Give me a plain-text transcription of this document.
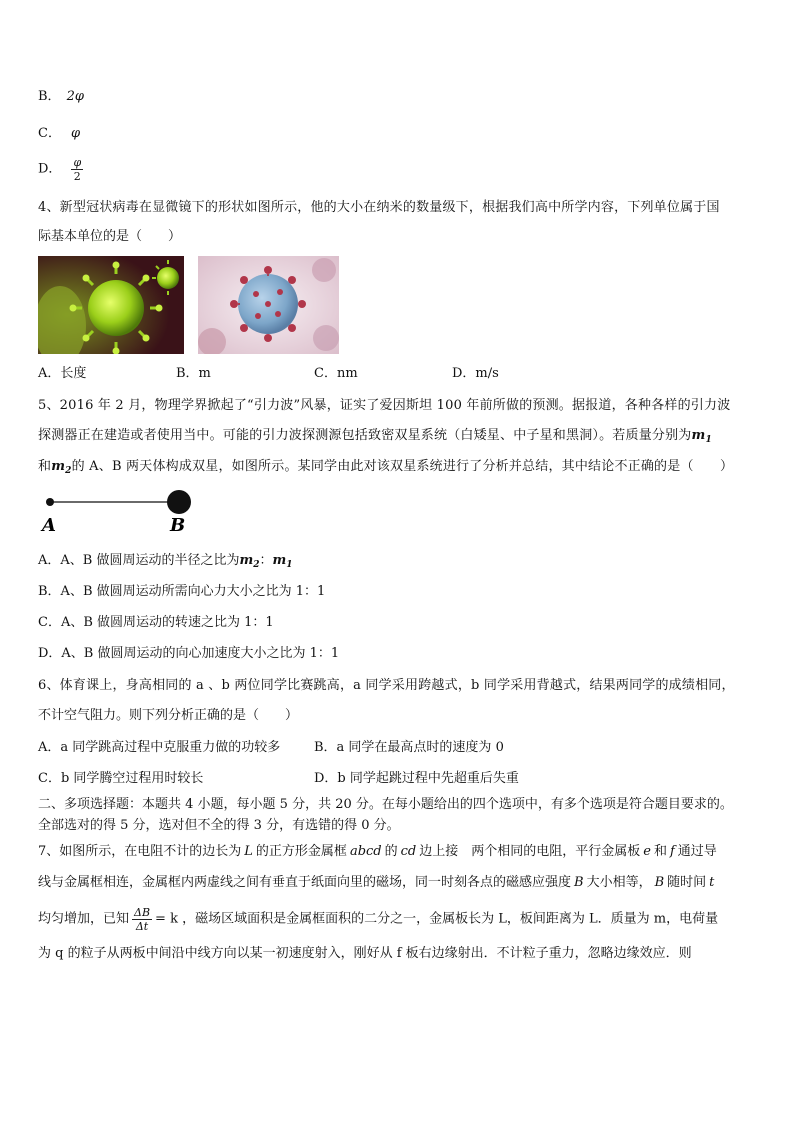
B． 2φ
C． φ
D． $\frac{\varphi}{2}$
4、新型冠状病毒在显微镜下的形状如图所示，他的大小在纳米的数量级下，根据我们高中所学内容，下列单位属于国
际基本单位的是（　　）
A．长度	B．m	C．nm	D．m/s
5、2016 年 2 月，物理学界掀起了“引力波”风暴，证实了爱因斯坦 100 年前所做的预测。据报道，各种各样的引力波
探测器正在建造或者使用当中。可能的引力波探测源包括致密双星系统（白矮星、中子星和黑洞）。若质量分别为$m_1$
和$m_2$的 A、B 两天体构成双星，如图所示。某同学由此对该双星系统进行了分析并总结，其中结论不正确的是（　　）
A	B
A．A、B 做圆周运动的半径之比为$m_2$：$m_1$
B．A、B 做圆周运动所需向心力大小之比为 1：1
C．A、B 做圆周运动的转速之比为 1：1
D．A、B 做圆周运动的向心加速度大小之比为 1：1
6、体育课上，身高相同的 a 、b 两位同学比赛跳高，a 同学采用跨越式，b 同学采用背越式，结果两同学的成绩相同，
不计空气阻力。则下列分析正确的是（　　）
A．a 同学跳高过程中克服重力做的功较多	B．a 同学在最高点时的速度为 0
C．b 同学腾空过程用时较长	D．b 同学起跳过程中先超重后失重
二、多项选择题：本题共 4 小题，每小题 5 分，共 20 分。在每小题给出的四个选项中，有多个选项是符合题目要求的。
全部选对的得 5 分，选对但不全的得 3 分，有选错的得 0 分。
7、如图所示，在电阻不计的边长为 L 的正方形金属框 abcd 的 cd 边上接　两个相同的电阻，平行金属板 e 和 f 通过导
线与金属框相连，金属框内两虚线之间有垂直于纸面向里的磁场，同一时刻各点的磁感应强度 B 大小相等， B 随时间 t
均匀增加，已知 $\frac{\Delta B}{\Delta t} = k$ ，磁场区域面积是金属框面积的二分之一，金属板长为 L，板间距离为 L．质量为 m，电荷量
为 q 的粒子从两板中间沿中线方向以某一初速度射入，刚好从 f 板右边缘射出．不计粒子重力，忽略边缘效应．则
